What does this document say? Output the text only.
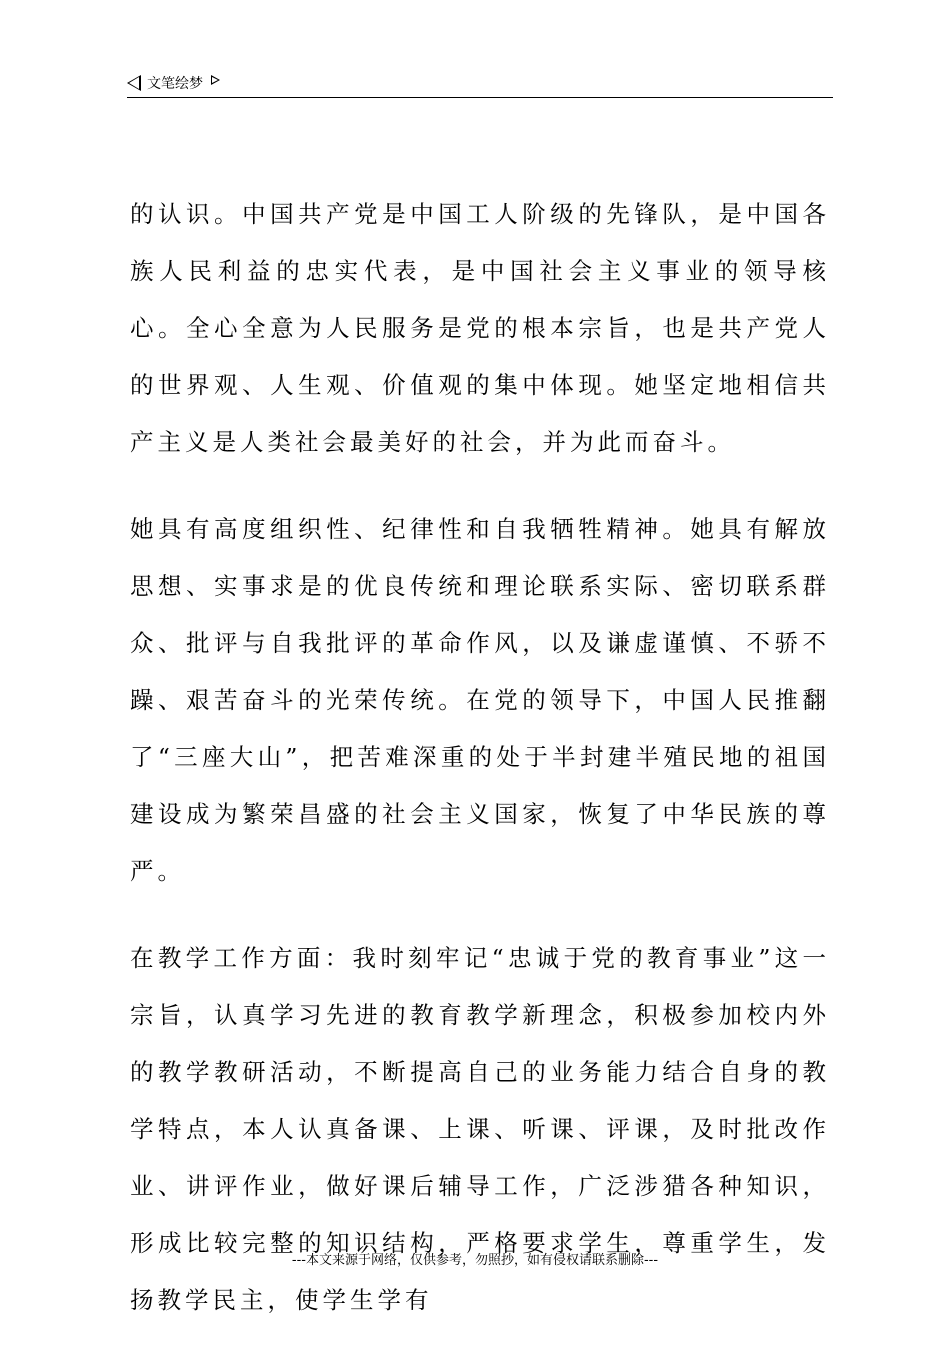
文笔绘梦

的认识。中国共产党是中国工人阶级的先锋队，是中国各族人民利益的忠实代表，是中国社会主义事业的领导核心。全心全意为人民服务是党的根本宗旨，也是共产党人的世界观、人生观、价值观的集中体现。她坚定地相信共产主义是人类社会最美好的社会，并为此而奋斗。

她具有高度组织性、纪律性和自我牺牲精神。她具有解放思想、实事求是的优良传统和理论联系实际、密切联系群众、批评与自我批评的革命作风，以及谦虚谨慎、不骄不躁、艰苦奋斗的光荣传统。在党的领导下，中国人民推翻了“三座大山”，把苦难深重的处于半封建半殖民地的祖国建设成为繁荣昌盛的社会主义国家，恢复了中华民族的尊严。

在教学工作方面：我时刻牢记“忠诚于党的教育事业”这一宗旨，认真学习先进的教育教学新理念，积极参加校内外的教学教研活动，不断提高自己的业务能力结合自身的教学特点，本人认真备课、上课、听课、评课，及时批改作业、讲评作业，做好课后辅导工作，广泛涉猎各种知识，形成比较完整的知识结构，严格要求学生，尊重学生，发扬教学民主，使学生学有

---本文来源于网络，仅供参考，勿照抄，如有侵权请联系删除---
